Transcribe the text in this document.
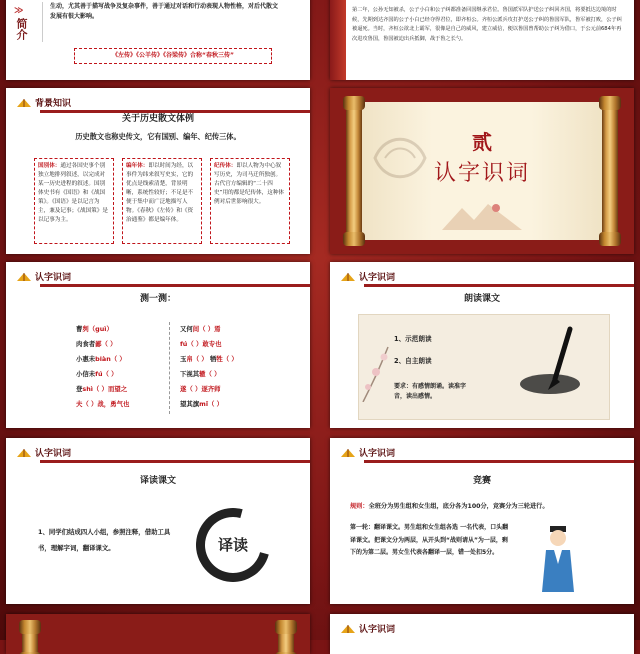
≫
简介
生动，尤其善于描写战争及复杂事件，善于通过对话和行动表现人物性格，对后代散文发展有很大影响。
《左传》《公羊传》《谷梁传》合称“春秋三传”
第二年，公孙无知被杀，公子小白和公子纠都准备回国继承君位。鲁国派军队护送公子纠回齐国，将要抵达边境的时候，先期到达齐国的公子小白已经夺得君位，即齐桓公。齐桓公派兵攻打护送公子纠的鲁国军队，鲁军被打败，公子纠被逼死。当时，齐桓公欲北上霸军，很像是自己的威风，建立威信，便以鲁国曾帮助公子纠为借口，于公元前684年再次进攻鲁国，鲁国被迫出兵抵御，战于鲁之长勺。
背景知识
关于历史散文体例
历史散文也称史传文，它有国别、编年、纪传三体。
国别体：通过各国史事个别独立地排列叙述，以完成对某一历史进程的叙述。国别体史书有《国语》和《战国策》。《国语》是以记言为主，兼及记事；《战国策》是以记事为主。
编年体：即以时间为经，以事件为纬来叙写史实，它的优点是线索清楚，背景明晰，系统性较好；不足是不便于集中而广泛地描写人物。《春秋》《左传》和《资治通鉴》都是编年体。
纪传体：即以人物为中心叙写历史，为司马迁所独创。古代官方编辑的“二十四史”用的都是纪传体，这种体例对后世影响很大。
贰
认字识词
认字识词
测一测：
曹刿（guì）
肉食者鄙（ ）
小惠未biàn（ ）
小信未fú（ ）
登shì（ ）而望之
夫（ ）战，勇气也
又何间（ ）焉
fú（ ）敢专也
玉帛（ ） 牺牲（ ）
下视其辙（ ）
遂（ ）逐齐师
望其旗mǐ（ ）
认字识词
朗读课文
1、示范朗读
2、自主朗读
要求：有感情朗诵。读准字音，读出感情。
认字识词
译读课文
1、同学们结成四人小组，参照注释，借助工具书，理解字词，翻译课文。	译读
认字识词
竞赛
规则：全班分为男生组和女生组，底分各为100分，竞赛分为三轮进行。
第一轮：翻译课文。男生组和女生组各选 一名代表，口头翻译课文。把课文分为两层，从开头到“战则请从”为一层，剩下的为第二层。男女生代表各翻译一层，错一处扣5分。
认字识词
